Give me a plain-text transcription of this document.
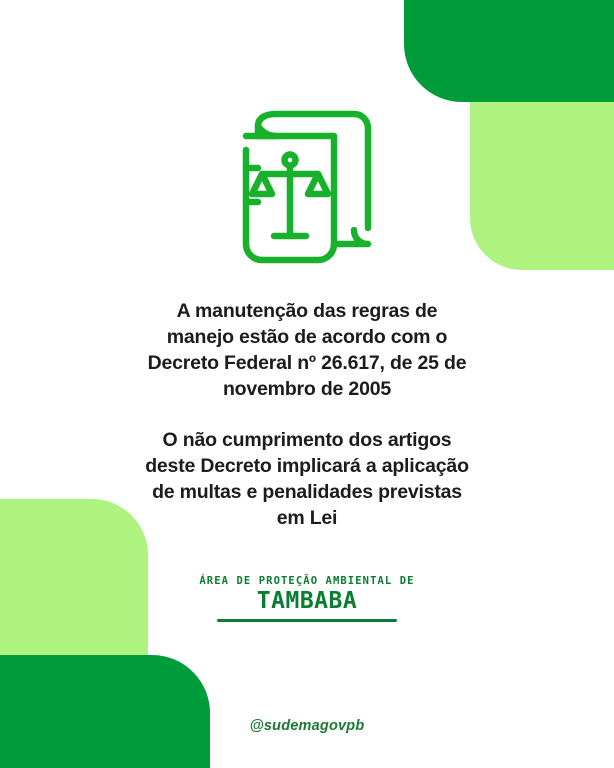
A manutenção das regras de manejo estão de acordo com o Decreto Federal nº 26.617, de 25 de novembro de 2005
O não cumprimento dos artigos deste Decreto implicará a aplicação de multas e penalidades previstas em Lei
ÁREA DE PROTEÇÃO AMBIENTAL DE
TAMBABA
@sudemagovpb
